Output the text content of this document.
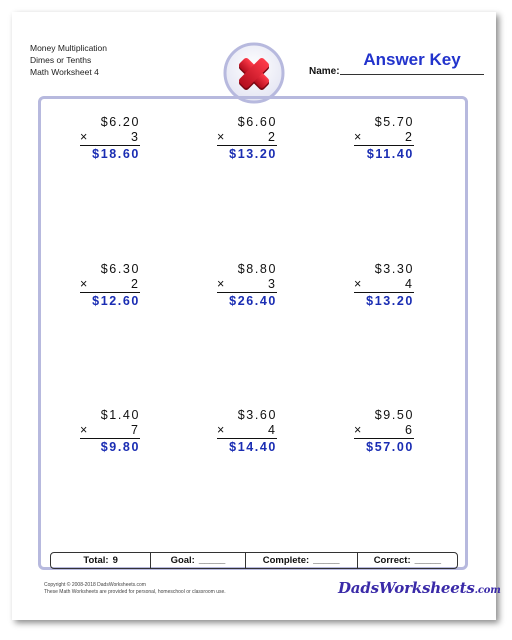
Money Multiplication
Dimes or Tenths
Math Worksheet 4	Name:
Answer Key
$6.20
×	3
$18.60
$6.60
×	2
$13.20
$5.70
×	2
$11.40
$6.30
×	2
$12.60
$8.80
×	3
$26.40
$3.30
×	4
$13.20
$1.40
×	7
$9.80
$3.60
×	4
$14.40
$9.50
×	6
$57.00
Total: 9	Goal: _____	Complete: _____	Correct: _____
Copyright © 2008-2018 DadsWorksheets.com
These Math Worksheets are provided for personal, homeschool or classroom use.	DadsWorksheets.com
